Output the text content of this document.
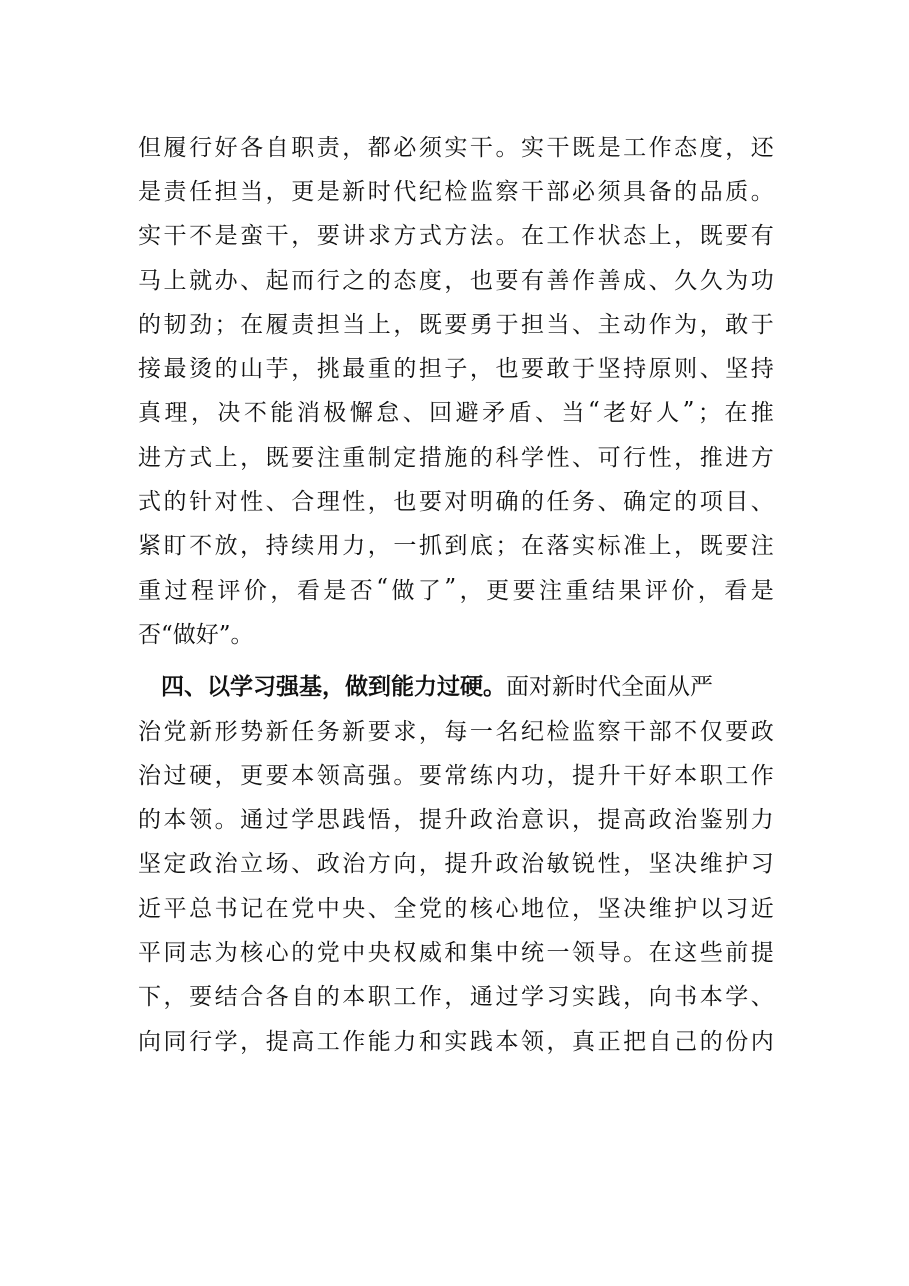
但 履 行 好 各 自 职 责 ， 都 必 须 实 干 。 实 干 既 是 工 作 态 度 ， 还
是 责 任 担 当 ， 更 是 新 时 代 纪 检 监 察 干 部 必 须 具 备 的 品 质 。
实 干 不 是 蛮 干 ， 要 讲 求 方 式 方 法 。 在 工 作 状 态 上 ， 既 要 有
马 上 就 办 、 起 而 行 之 的 态 度 ， 也 要 有 善 作 善 成 、 久 久 为 功
的 韧 劲 ； 在 履 责 担 当 上 ， 既 要 勇 于 担 当 、 主 动 作 为 ， 敢 于
接 最 烫 的 山 芋 ， 挑 最 重 的 担 子 ， 也 要 敢 于 坚 持 原 则 、 坚 持
真 理 ， 决 不 能 消 极 懈 怠 、 回 避 矛 盾 、 当 “ 老 好 人 ” ； 在 推
进 方 式 上 ， 既 要 注 重 制 定 措 施 的 科 学 性 、 可 行 性 ， 推 进 方
式 的 针 对 性 、 合 理 性 ， 也 要 对 明 确 的 任 务 、 确 定 的 项 目 、
紧 盯 不 放 ， 持 续 用 力 ， 一 抓 到 底 ； 在 落 实 标 准 上 ， 既 要 注
重 过 程 评 价 ， 看 是 否 “ 做 了 ” ， 更 要 注 重 结 果 评 价 ， 看 是
否“做好”。
四、以学习强基，做到能力过硬。 面对新时代全面从严
治 党 新 形 势 新 任 务 新 要 求 ， 每 一 名 纪 检 监 察 干 部 不 仅 要 政
治 过 硬 ， 更 要 本 领 高 强 。 要 常 练 内 功 ， 提 升 干 好 本 职 工 作
的 本 领 。 通 过 学 思 践 悟 ， 提 升 政 治 意 识 ， 提 高 政 治 鉴 别 力
坚 定 政 治 立 场 、 政 治 方 向 ， 提 升 政 治 敏 锐 性 ， 坚 决 维 护 习
近 平 总 书 记 在 党 中 央 、 全 党 的 核 心 地 位 ， 坚 决 维 护 以 习 近
平 同 志 为 核 心 的 党 中 央 权 威 和 集 中 统 一 领 导 。 在 这 些 前 提
下 ， 要 结 合 各 自 的 本 职 工 作 ， 通 过 学 习 实 践 ， 向 书 本 学 、
向 同 行 学 ， 提 高 工 作 能 力 和 实 践 本 领 ， 真 正 把 自 己 的 份 内
